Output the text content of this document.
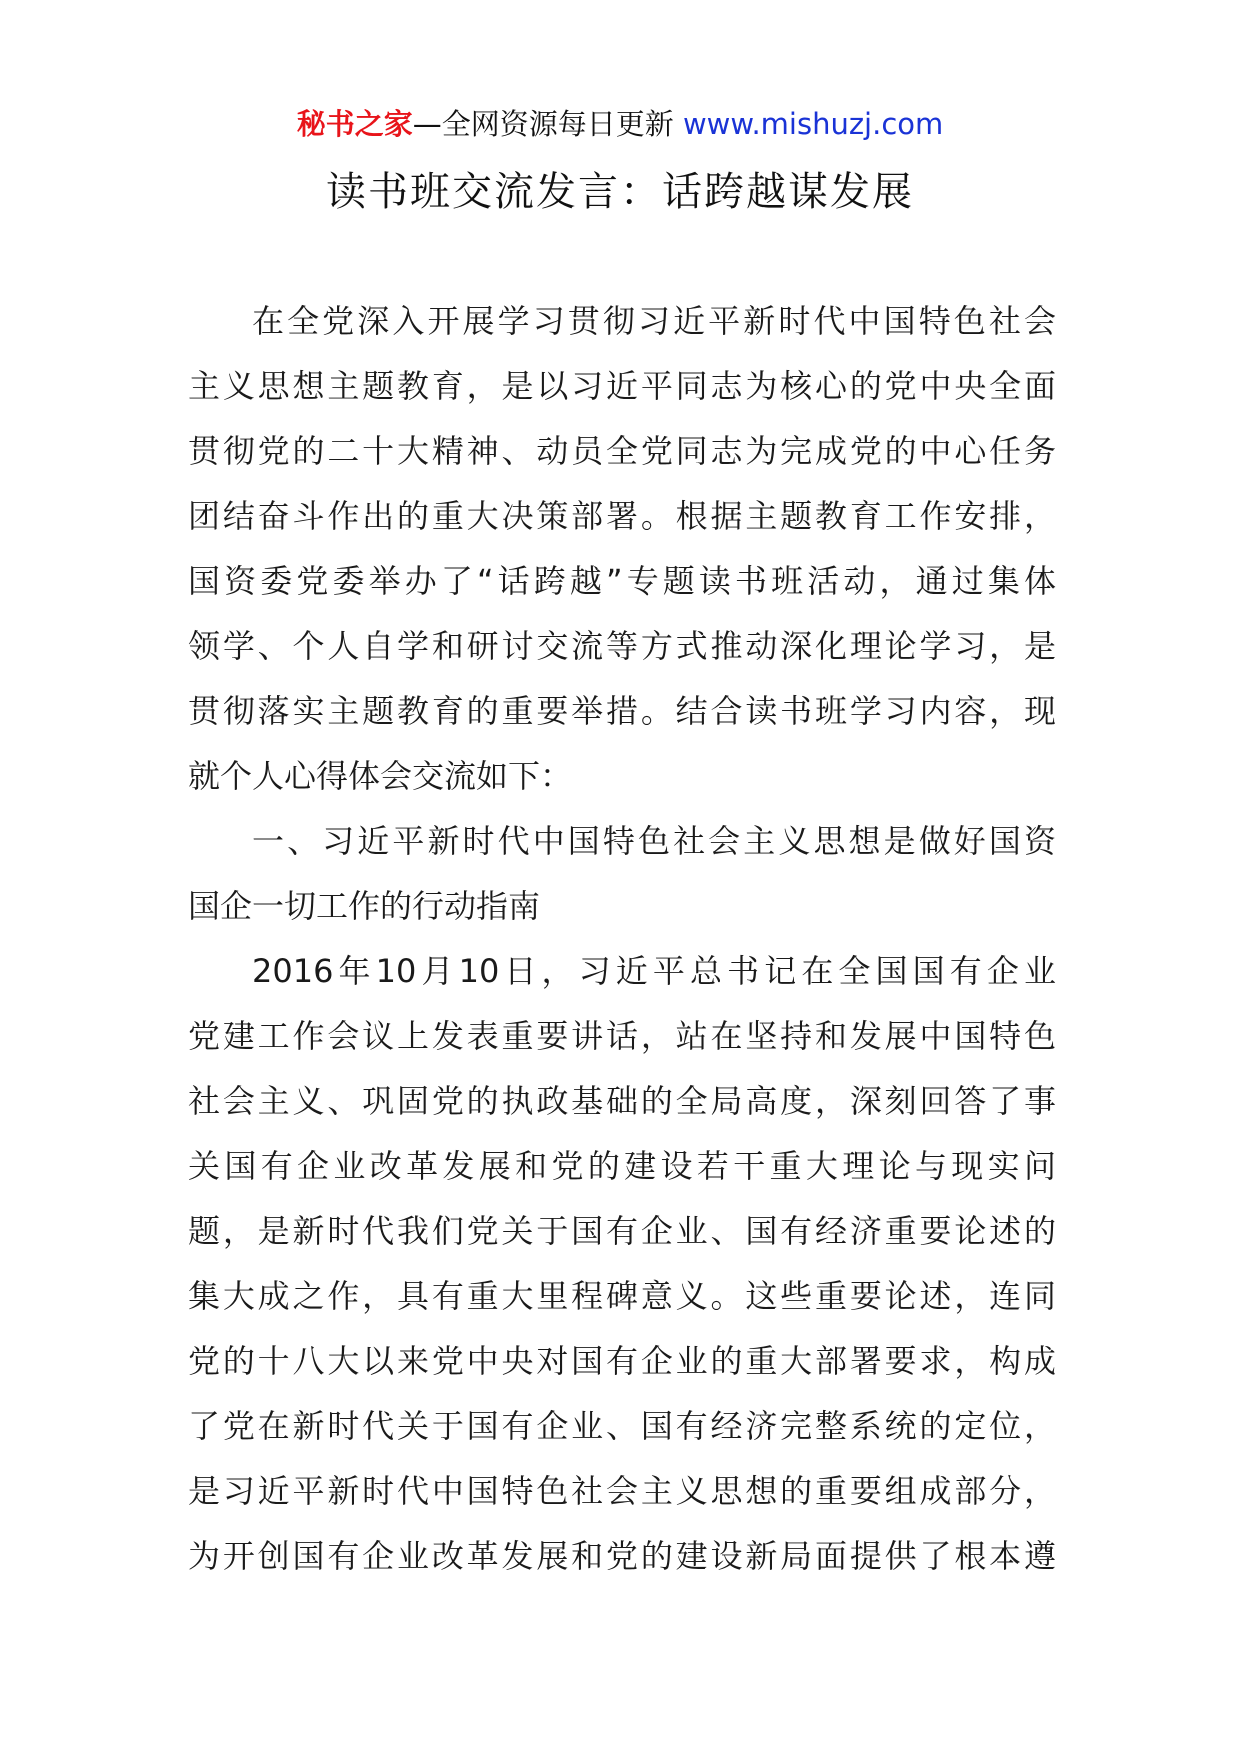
秘书之家—全网资源每日更新 www.mishuzj.com
读书班交流发言：话跨越谋发展
在全党深入开展学习贯彻习近平新时代中国特色社会
主义思想主题教育，是以习近平同志为核心的党中央全面
贯彻党的二十大精神、动员全党同志为完成党的中心任务
团结奋斗作出的重大决策部署。根据主题教育工作安排，
国资委党委举办了“话跨越”专题读书班活动，通过集体
领学、个人自学和研讨交流等方式推动深化理论学习，是
贯彻落实主题教育的重要举措。结合读书班学习内容，现
就个人心得体会交流如下：
一、习近平新时代中国特色社会主义思想是做好国资
国企一切工作的行动指南
2016年10月10日，习近平总书记在全国国有企业
党建工作会议上发表重要讲话，站在坚持和发展中国特色
社会主义、巩固党的执政基础的全局高度，深刻回答了事
关国有企业改革发展和党的建设若干重大理论与现实问
题，是新时代我们党关于国有企业、国有经济重要论述的
集大成之作，具有重大里程碑意义。这些重要论述，连同
党的十八大以来党中央对国有企业的重大部署要求，构成
了党在新时代关于国有企业、国有经济完整系统的定位，
是习近平新时代中国特色社会主义思想的重要组成部分，
为开创国有企业改革发展和党的建设新局面提供了根本遵
